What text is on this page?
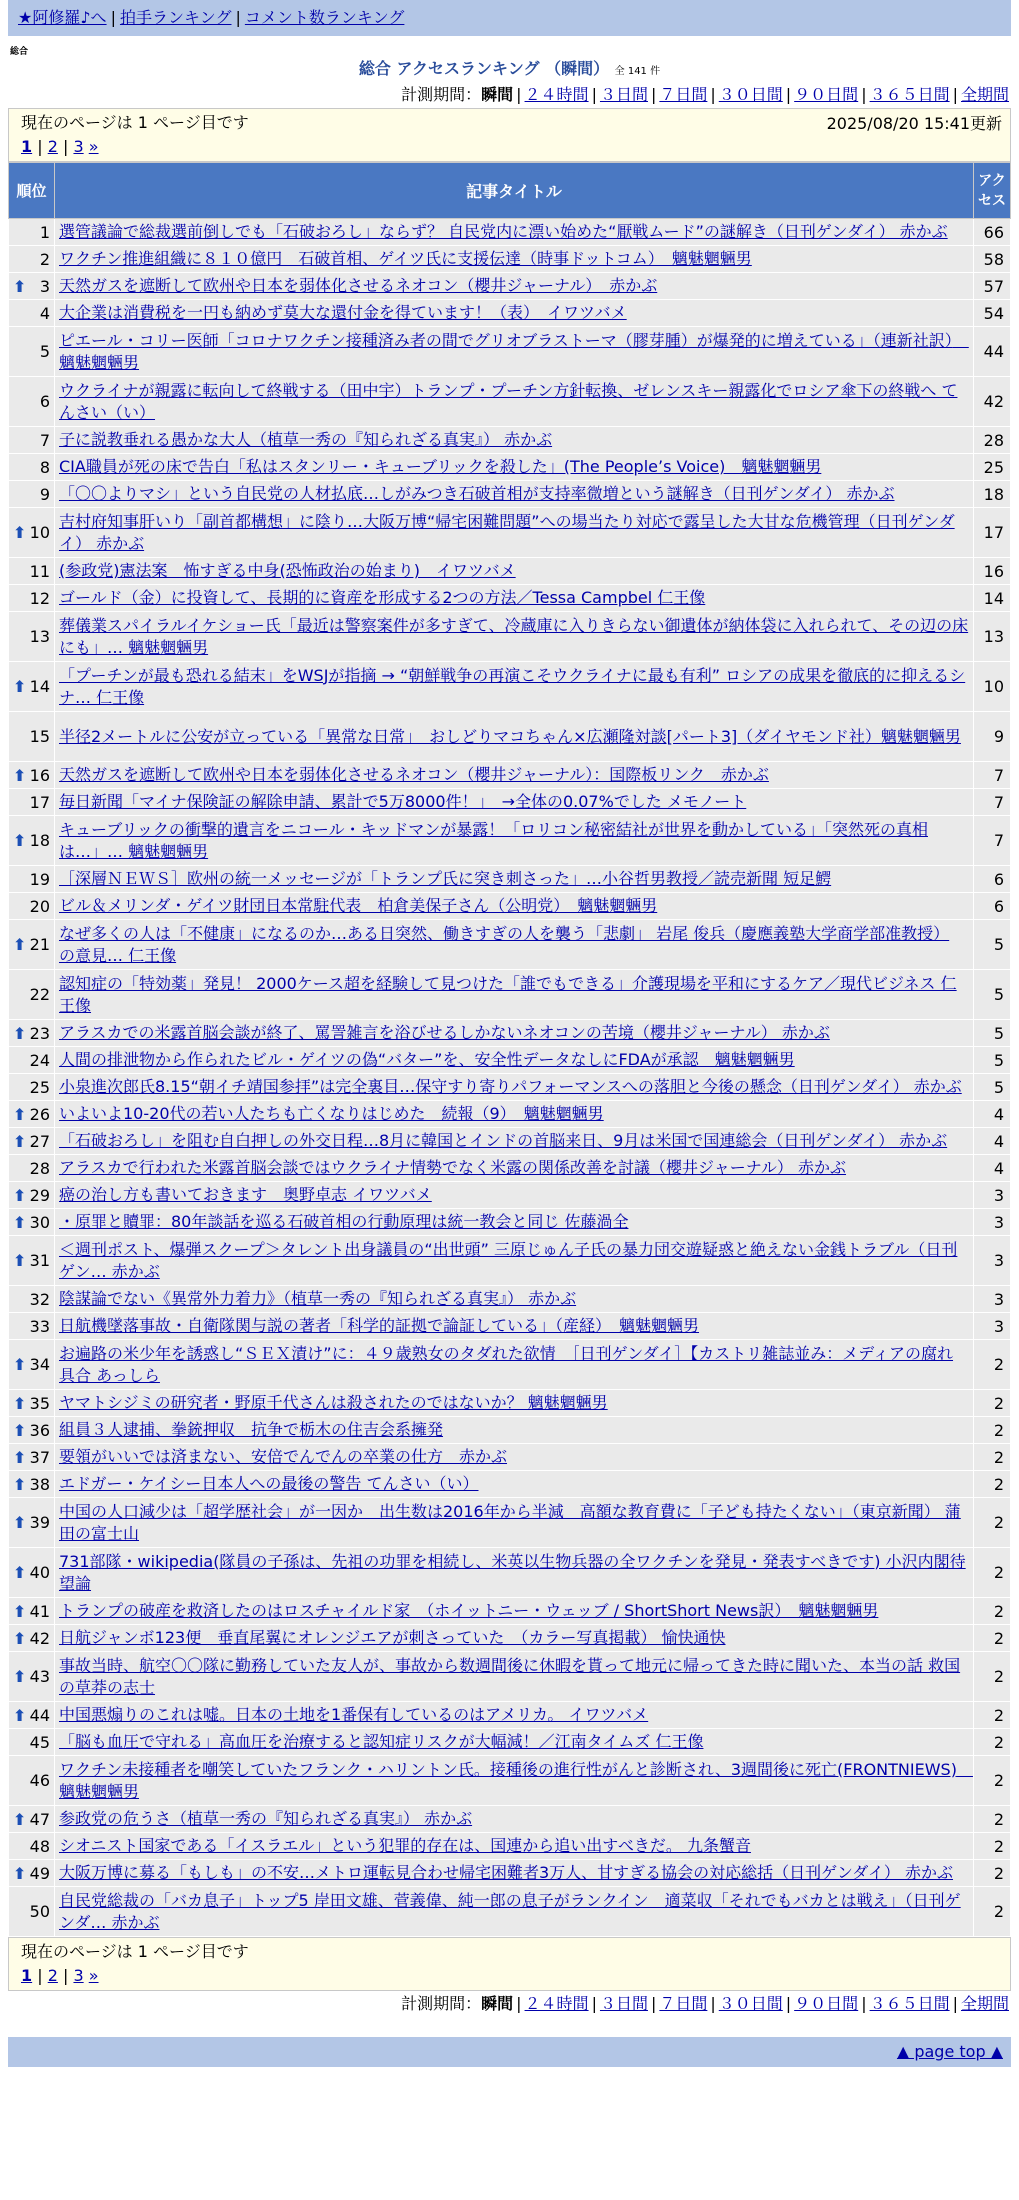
★阿修羅♪へ | 拍手ランキング | コメント数ランキング
総合
総合 アクセスランキング （瞬間） 全 141 件
計測期間：瞬間 | ２４時間 | ３日間 | ７日間 | ３０日間 | ９０日間 | ３６５日間 | 全期間
現在のページは 1 ページ目です	2025/08/20 15:41更新
1 | 2 | 3 »
順位	記事タイトル	アクセス
1	選管議論で総裁選前倒しでも「石破おろし」ならず？ 自民党内に漂い始めた“厭戦ムード”の謎解き（日刊ゲンダイ） 赤かぶ	66
2	ワクチン推進組織に８１０億円　石破首相、ゲイツ氏に支援伝達（時事ドットコム）　魑魅魍魎男	58

⬆ 3	天然ガスを遮断して欧州や日本を弱体化させるネオコン（櫻井ジャーナル）　赤かぶ	57
4	大企業は消費税を一円も納めず莫大な還付金を得ています！（表）　イワツバメ	54
5	ピエール・コリー医師「コロナワクチン接種済み者の間でグリオブラストーマ（膠芽腫）が爆発的に増えている」（連新社訳）　魑魅魍魎男	44
6	ウクライナが親露に転向して終戦する（田中宇）トランプ・プーチン方針転換、ゼレンスキー親露化でロシア傘下の終戦へ てんさい（い）	42
7	子に説教垂れる愚かな大人（植草一秀の『知られざる真実』） 赤かぶ	28
8	CIA職員が死の床で告白「私はスタンリー・キューブリックを殺した」(The People’s Voice)　魑魅魍魎男	25
9	「〇〇よりマシ」という自民党の人材払底…しがみつき石破首相が支持率微増という謎解き（日刊ゲンダイ） 赤かぶ	18

⬆ 10	吉村府知事肝いり「副首都構想」に陰り…大阪万博“帰宅困難問題”への場当たり対応で露呈した大甘な危機管理（日刊ゲンダイ） 赤かぶ	17
11	(参政党)憲法案　怖すぎる中身(恐怖政治の始まり)　イワツバメ	16
12	ゴールド（金）に投資して、長期的に資産を形成する2つの方法／Tessa Campbel 仁王像	14
13	葬儀業スパイラルイケショー氏「最近は警察案件が多すぎて、冷蔵庫に入りきらない御遺体が納体袋に入れられて、その辺の床にも」… 魑魅魍魎男	13

⬆ 14	「プーチンが最も恐れる結末」をWSJが指摘 → “朝鮮戦争の再演こそウクライナに最も有利” ロシアの成果を徹底的に抑えるシナ… 仁王像	10
15	半径2メートルに公安が立っている「異常な日常」　おしどりマコちゃん×広瀬隆対談[パート3]（ダイヤモンド社）魑魅魍魎男	9

⬆ 16	天然ガスを遮断して欧州や日本を弱体化させるネオコン（櫻井ジャーナル）：国際板リンク　赤かぶ	7
17	毎日新聞「マイナ保険証の解除申請、累計で5万8000件！」　→全体の0.07%でした メモノート	7

⬆ 18	キューブリックの衝撃的遺言をニコール・キッドマンが暴露！「ロリコン秘密結社が世界を動かしている」「突然死の真相は…」… 魑魅魍魎男	7
19	［深層ＮＥＷＳ］欧州の統一メッセージが「トランプ氏に突き刺さった」…小谷哲男教授／読売新聞 短足鰐	6
20	ビル＆メリンダ・ゲイツ財団日本常駐代表　柏倉美保子さん（公明党）　魑魅魍魎男	6

⬆ 21	なぜ多くの人は「不健康」になるのか…ある日突然、働きすぎの人を襲う「悲劇」 岩尾 俊兵（慶應義塾大学商学部准教授） の意見… 仁王像	5
22	認知症の「特効薬」発見！ 2000ケース超を経験して見つけた「誰でもできる」介護現場を平和にするケア／現代ビジネス 仁王像	5

⬆ 23	アラスカでの米露首脳会談が終了、罵詈雑言を浴びせるしかないネオコンの苦境（櫻井ジャーナル） 赤かぶ	5
24	人間の排泄物から作られたビル・ゲイツの偽“バター”を、安全性データなしにFDAが承認　魑魅魍魎男	5
25	小泉進次郎氏8.15“朝イチ靖国参拝”は完全裏目…保守すり寄りパフォーマンスへの落胆と今後の懸念（日刊ゲンダイ） 赤かぶ	5

⬆ 26	いよいよ10-20代の若い人たちも亡くなりはじめた　続報（9）　魑魅魍魎男	4

⬆ 27	「石破おろし」を阻む自白押しの外交日程…8月に韓国とインドの首脳来日、9月は米国で国連総会（日刊ゲンダイ） 赤かぶ	4
28	アラスカで行われた米露首脳会談ではウクライナ情勢でなく米露の関係改善を討議（櫻井ジャーナル） 赤かぶ	4

⬆ 29	癌の治し方も書いておきます　奥野卓志 イワツバメ	3

⬆ 30	・原罪と贖罪：80年談話を巡る石破首相の行動原理は統一教会と同じ 佐藤渦全	3

⬆ 31	＜週刊ポスト、爆弾スクープ＞タレント出身議員の“出世頭” 三原じゅん子氏の暴力団交遊疑惑と絶えない金銭トラブル（日刊ゲン… 赤かぶ	3
32	陰謀論でない《異常外力着力》（植草一秀の『知られざる真実』） 赤かぶ	3
33	日航機墜落事故・自衛隊関与説の著者「科学的証拠で論証している」（産経）　魑魅魍魎男	3

⬆ 34	お遍路の米少年を誘惑し“ＳＥＸ漬け”に：４９歳熟女のタダれた欲情　［日刊ゲンダイ］【カストリ雑誌並み：メディアの腐れ具合 あっしら	2

⬆ 35	ヤマトシジミの研究者・野原千代さんは殺されたのではないか？ 魑魅魍魎男	2

⬆ 36	組員３人逮捕、拳銃押収　抗争で栃木の住吉会系擁発	2

⬆ 37	要領がいいでは済まない、安倍でんでんの卒業の仕方　赤かぶ	2

⬆ 38	エドガー・ケイシー日本人への最後の警告 てんさい（い）	2

⬆ 39	中国の人口減少は「超学歴社会」が一因か　出生数は2016年から半減　高額な教育費に「子ども持たくない」（東京新聞） 蒲田の富士山	2

⬆ 40	731部隊・wikipedia(隊員の子孫は、先祖の功罪を相続し、米英以生物兵器の全ワクチンを発見・発表すべきです) 小沢内閣待望論	2

⬆ 41	トランプの破産を救済したのはロスチャイルド家　（ホイットニー・ウェッブ / ShortShort News訳）　魑魅魍魎男	2

⬆ 42	日航ジャンボ123便　垂直尾翼にオレンジエアが刺さっていた　（カラー写真掲載） 愉快通快	2

⬆ 43	事故当時、航空〇〇隊に勤務していた友人が、事故から数週間後に休暇を貰って地元に帰ってきた時に聞いた、本当の話 救国の草莽の志士	2

⬆ 44	中国悪煽りのこれは嘘。日本の土地を1番保有しているのはアメリカ。 イワツバメ	2
45	「脳も血圧で守れる」高血圧を治療すると認知症リスクが大幅減！／江南タイムズ 仁王像	2
46	ワクチン未接種者を嘲笑していたフランク・ハリントン氏。接種後の進行性がんと診断され、3週間後に死亡(FRONTNIEWS)　魑魅魍魎男	2

⬆ 47	参政党の危うさ（植草一秀の『知られざる真実』） 赤かぶ	2
48	シオニスト国家である「イスラエル」という犯罪的存在は、国連から追い出すべきだ。 九条蟹音	2

⬆ 49	大阪万博に募る「もしも」の不安…メトロ運転見合わせ帰宅困難者3万人、甘すぎる協会の対応総括（日刊ゲンダイ） 赤かぶ	2
50	自民党総裁の「バカ息子」トップ5 岸田文雄、菅義偉、純一郎の息子がランクイン　適菜収「それでもバカとは戦え」（日刊ゲンダ… 赤かぶ	2
現在のページは 1 ページ目です
1 | 2 | 3 »
計測期間：瞬間 | ２４時間 | ３日間 | ７日間 | ３０日間 | ９０日間 | ３６５日間 | 全期間
▲ page top ▲
